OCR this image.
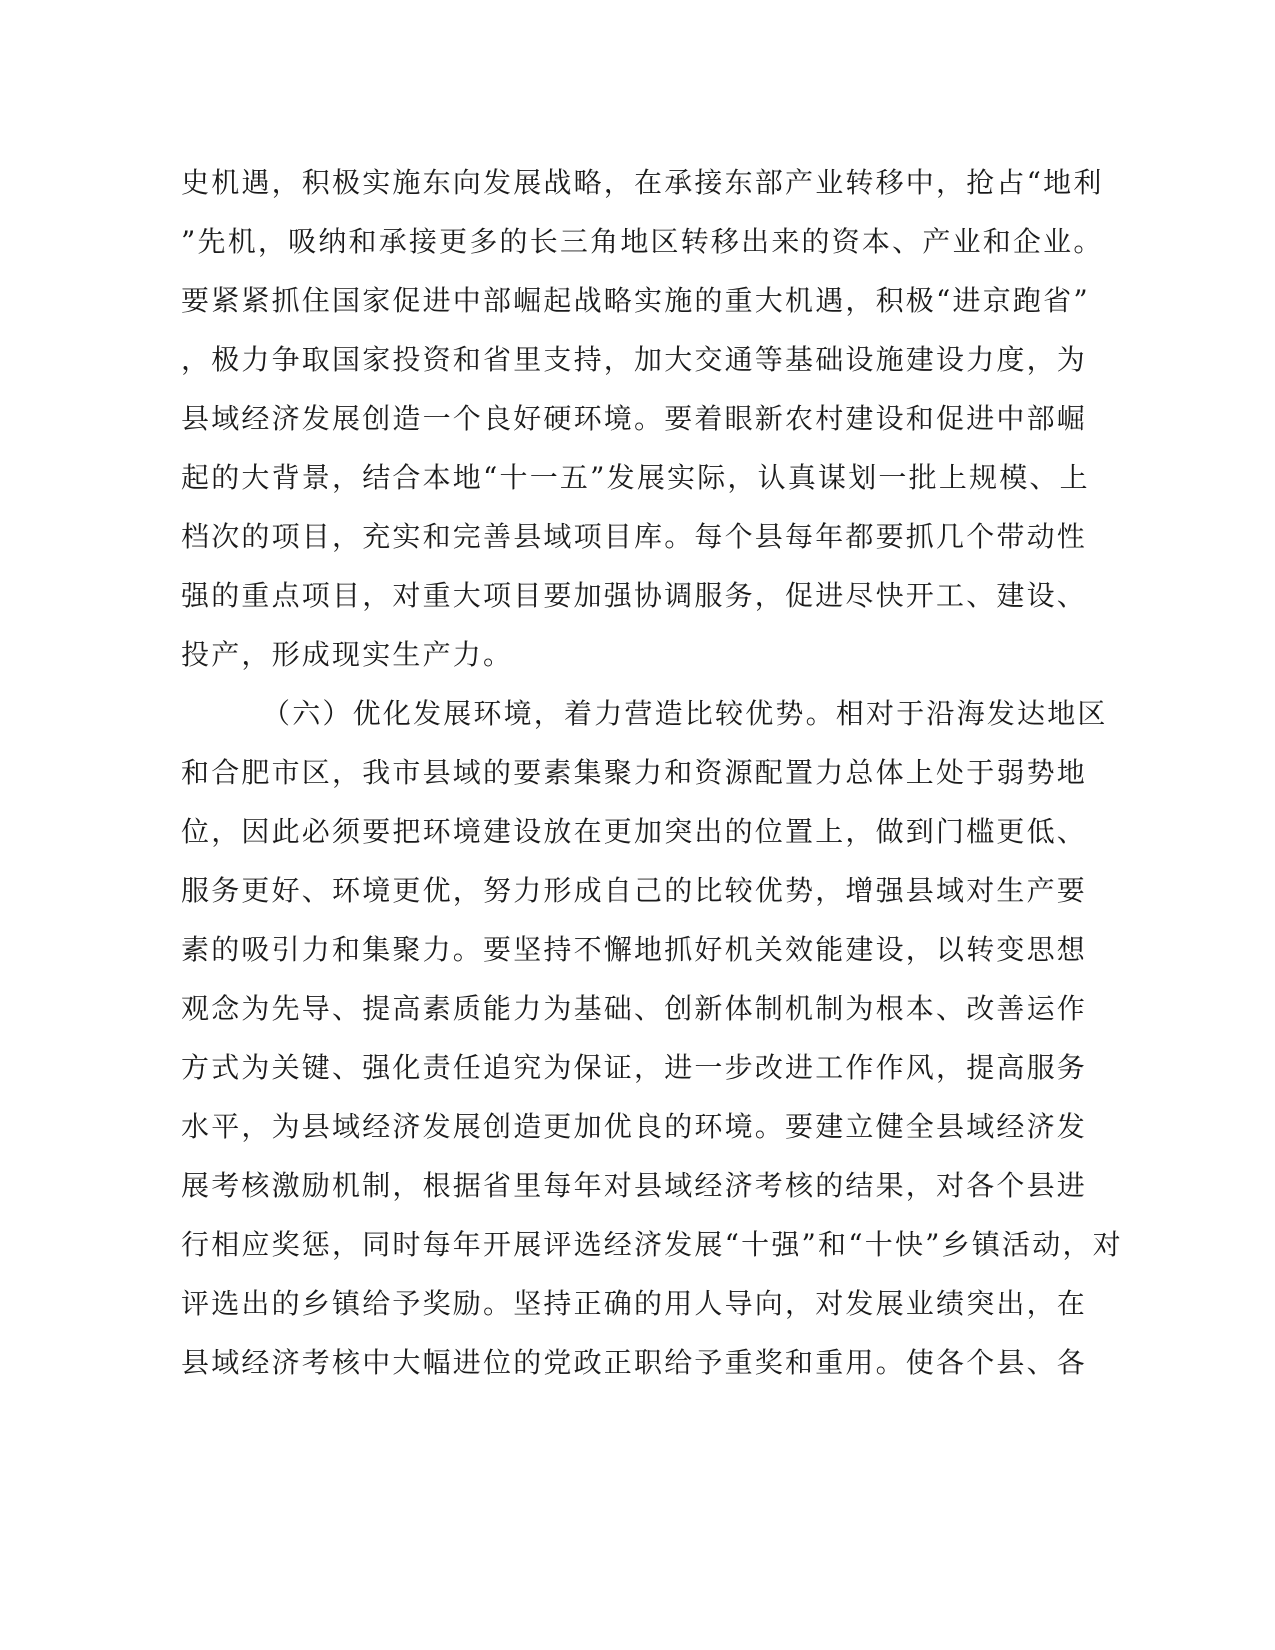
史机遇，积极实施东向发展战略，在承接东部产业转移中，抢占“地利
”先机，吸纳和承接更多的长三角地区转移出来的资本、产业和企业。
要紧紧抓住国家促进中部崛起战略实施的重大机遇，积极“进京跑省”
，极力争取国家投资和省里支持，加大交通等基础设施建设力度，为
县域经济发展创造一个良好硬环境。要着眼新农村建设和促进中部崛
起的大背景，结合本地“十一五”发展实际，认真谋划一批上规模、上
档次的项目，充实和完善县域项目库。每个县每年都要抓几个带动性
强的重点项目，对重大项目要加强协调服务，促进尽快开工、建设、
投产，形成现实生产力。
（六）优化发展环境，着力营造比较优势。相对于沿海发达地区
和合肥市区，我市县域的要素集聚力和资源配置力总体上处于弱势地
位，因此必须要把环境建设放在更加突出的位置上，做到门槛更低、
服务更好、环境更优，努力形成自己的比较优势，增强县域对生产要
素的吸引力和集聚力。要坚持不懈地抓好机关效能建设，以转变思想
观念为先导、提高素质能力为基础、创新体制机制为根本、改善运作
方式为关键、强化责任追究为保证，进一步改进工作作风，提高服务
水平，为县域经济发展创造更加优良的环境。要建立健全县域经济发
展考核激励机制，根据省里每年对县域经济考核的结果，对各个县进
行相应奖惩，同时每年开展评选经济发展“十强”和“十快”乡镇活动，对
评选出的乡镇给予奖励。坚持正确的用人导向，对发展业绩突出，在
县域经济考核中大幅进位的党政正职给予重奖和重用。使各个县、各
